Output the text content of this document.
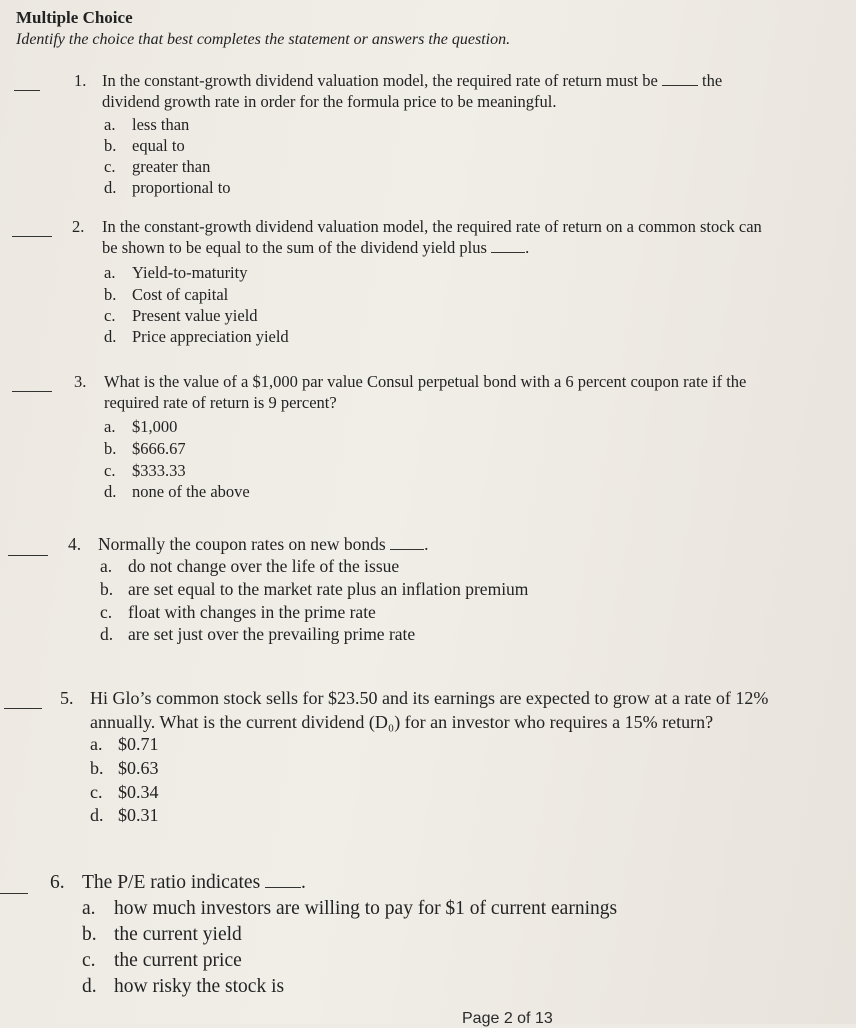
Multiple Choice
Identify the choice that best completes the statement or answers the question.
1. In the constant-growth dividend valuation model, the required rate of return must be	the
dividend growth rate in order for the formula price to be meaningful.
a. less than
b. equal to
c. greater than
d. proportional to
2. In the constant-growth dividend valuation model, the required rate of return on a common stock can
be shown to be equal to the sum of the dividend yield plus .
a. Yield-to-maturity
b. Cost of capital
c. Present value yield
d. Price appreciation yield
3. What is the value of a $1,000 par value Consul perpetual bond with a 6 percent coupon rate if the
required rate of return is 9 percent?
a. $1,000
b. $666.67
c. $333.33
d. none of the above
4. Normally the coupon rates on new bonds .
a. do not change over the life of the issue
b. are set equal to the market rate plus an inflation premium
c. float with changes in the prime rate
d. are set just over the prevailing prime rate
5. Hi Glo’s common stock sells for $23.50 and its earnings are expected to grow at a rate of 12%
annually. What is the current dividend (D₀) for an investor who requires a 15% return?
a. $0.71
b. $0.63
c. $0.34
d. $0.31
6. The P/E ratio indicates .
a. how much investors are willing to pay for $1 of current earnings
b. the current yield
c. the current price
d. how risky the stock is
Page 2 of 13
